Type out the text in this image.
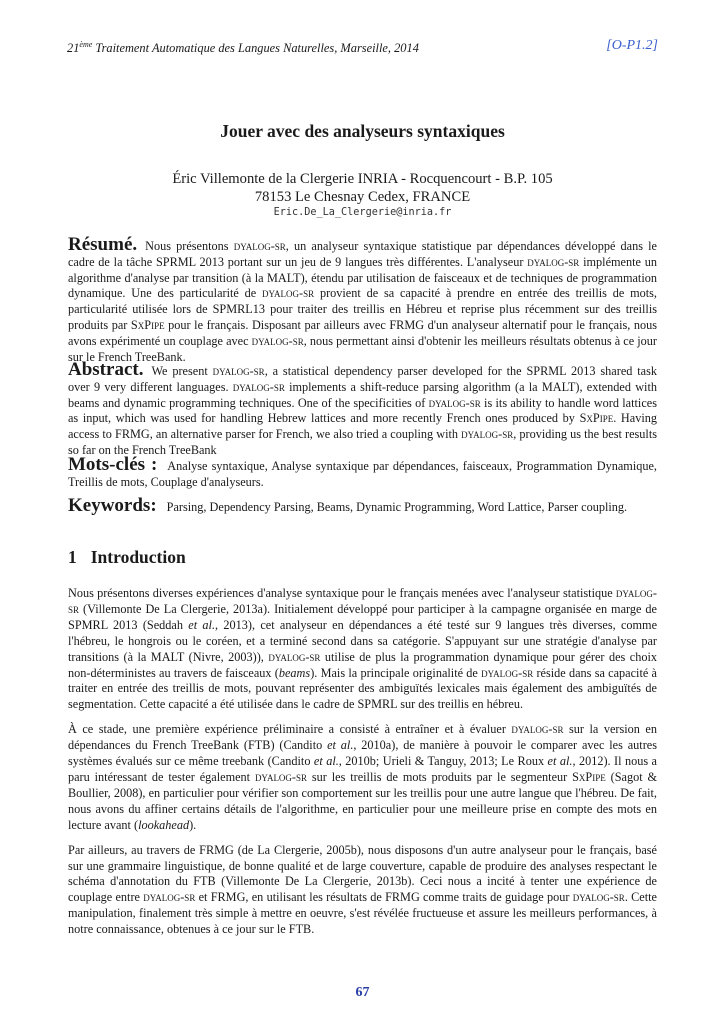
21ème Traitement Automatique des Langues Naturelles, Marseille, 2014	[O-P1.2]
Jouer avec des analyseurs syntaxiques
Éric Villemonte de la Clergerie INRIA - Rocquencourt - B.P. 105
78153 Le Chesnay Cedex, FRANCE
Eric.De_La_Clergerie@inria.fr
Résumé. Nous présentons dyalog-sr, un analyseur syntaxique statistique par dépendances développé dans le cadre de la tâche SPRML 2013 portant sur un jeu de 9 langues très différentes. L'analyseur dyalog-sr implémente un algorithme d'analyse par transition (à la MALT), étendu par utilisation de faisceaux et de techniques de programmation dynamique. Une des particularité de dyalog-sr provient de sa capacité à prendre en entrée des treillis de mots, particularité utilisée lors de SPMRL13 pour traiter des treillis en Hébreu et reprise plus récemment sur des treillis produits par SxPipe pour le français. Disposant par ailleurs avec FRMG d'un analyseur alternatif pour le français, nous avons expérimenté un couplage avec dyalog-sr, nous permettant ainsi d'obtenir les meilleurs résultats obtenus à ce jour sur le French TreeBank.
Abstract. We present dyalog-sr, a statistical dependency parser developed for the SPRML 2013 shared task over 9 very different languages. dyalog-sr implements a shift-reduce parsing algorithm (a la MALT), extended with beams and dynamic programming techniques. One of the specificities of dyalog-sr is its ability to handle word lattices as input, which was used for handling Hebrew lattices and more recently French ones produced by SxPipe. Having access to FRMG, an alternative parser for French, we also tried a coupling with dyalog-sr, providing us the best results so far on the French TreeBank
Mots-clés : Analyse syntaxique, Analyse syntaxique par dépendances, faisceaux, Programmation Dynamique, Treillis de mots, Couplage d'analyseurs.
Keywords: Parsing, Dependency Parsing, Beams, Dynamic Programming, Word Lattice, Parser coupling.
1 Introduction

Nous présentons diverses expériences d'analyse syntaxique pour le français menées avec l'analyseur statistique dyalog-sr (Villemonte De La Clergerie, 2013a). Initialement développé pour participer à la campagne organisée en marge de SPMRL 2013 (Seddah et al., 2013), cet analyseur en dépendances a été testé sur 9 langues très diverses, comme l'hébreu, le hongrois ou le coréen, et a terminé second dans sa catégorie. S'appuyant sur une stratégie d'analyse par transitions (à la MALT (Nivre, 2003)), dyalog-sr utilise de plus la programmation dynamique pour gérer des choix non-déterministes au travers de faisceaux (beams). Mais la principale originalité de dyalog-sr réside dans sa capacité à traiter en entrée des treillis de mots, pouvant représenter des ambiguïtés lexicales mais également des ambiguïtés de segmentation. Cette capacité a été utilisée dans le cadre de SPMRL sur des treillis en hébreu.

À ce stade, une première expérience préliminaire a consisté à entraîner et à évaluer dyalog-sr sur la version en dépendances du French TreeBank (FTB) (Candito et al., 2010a), de manière à pouvoir le comparer avec les autres systèmes évalués sur ce même treebank (Candito et al., 2010b; Urieli & Tanguy, 2013; Le Roux et al., 2012). Il nous a paru intéressant de tester également dyalog-sr sur les treillis de mots produits par le segmenteur SxPipe (Sagot & Boullier, 2008), en particulier pour vérifier son comportement sur les treillis pour une autre langue que l'hébreu. De fait, nous avons du affiner certains détails de l'algorithme, en particulier pour une meilleure prise en compte des mots en lecture avant (lookahead).

Par ailleurs, au travers de FRMG (de La Clergerie, 2005b), nous disposons d'un autre analyseur pour le français, basé sur une grammaire linguistique, de bonne qualité et de large couverture, capable de produire des analyses respectant le schéma d'annotation du FTB (Villemonte De La Clergerie, 2013b). Ceci nous a incité à tenter une expérience de couplage entre dyalog-sr et FRMG, en utilisant les résultats de FRMG comme traits de guidage pour dyalog-sr. Cette manipulation, finalement très simple à mettre en oeuvre, s'est révélée fructueuse et assure les meilleurs performances, à notre connaissance, obtenues à ce jour sur le FTB.

67
